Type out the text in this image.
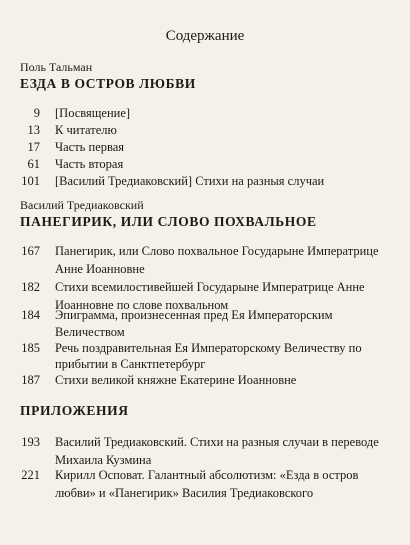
Содержание
Поль Тальман
ЕЗДА В ОСТРОВ ЛЮБВИ
9 [Посвящение]
13 К читателю
17 Часть первая
61 Часть вторая
101 [Василий Тредиаковский] Стихи на разныя случаи
Василий Тредиаковский
ПАНЕГИРИК, ИЛИ СЛОВО ПОХВАЛЬНОЕ
167 Панегирик, или Слово похвальное Государыне Императрице
Анне Иоанновне
182 Стихи всемилостивейшей Государыне Императрице Анне
Иоанновне по слове похвальном
184 Эпиграмма, произнесенная пред Ея Императорским
Величеством
185 Речь поздравительная Ея Императорскому Величеству по
прибытии в Санктпетербург
187 Стихи великой княжне Екатерине Иоанновне
ПРИЛОЖЕНИЯ
193 Василий Тредиаковский. Стихи на разныя случаи в переводе
Михаила Кузмина
221 Кирилл Осповат. Галантный абсолютизм: «Езда в остров
любви» и «Панегирик» Василия Тредиаковского
